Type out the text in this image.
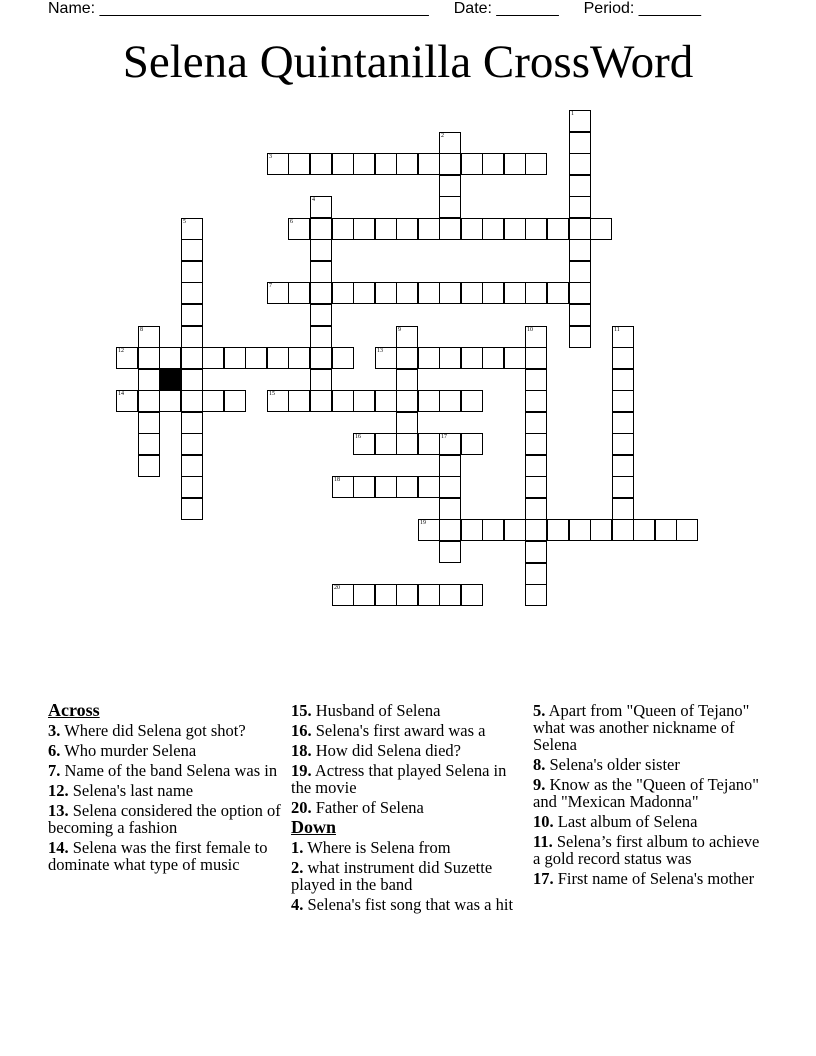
Name: _____________________________________ Date: _______ Period: _______
Selena Quintanilla CrossWord
1
2
3
4
5	6
7
8	9	10	11
12	13
14	15
16	17
18
19
20
Across
3. Where did Selena got shot?
6. Who murder Selena
7. Name of the band Selena was in
12. Selena's last name
13. Selena considered the option of becoming a fashion
14. Selena was the first female to dominate what type of music
15. Husband of Selena
16. Selena's first award was a
18. How did Selena died?
19. Actress that played Selena in the movie
20. Father of Selena
Down
1. Where is Selena from
2. what instrument did Suzette played in the band
4. Selena's fist song that was a hit
5. Apart from "Queen of Tejano" what was another nickname of Selena
8. Selena's older sister
9. Know as the "Queen of Tejano" and "Mexican Madonna"
10. Last album of Selena
11. Selena’s first album to achieve a gold record status was
17. First name of Selena's mother
